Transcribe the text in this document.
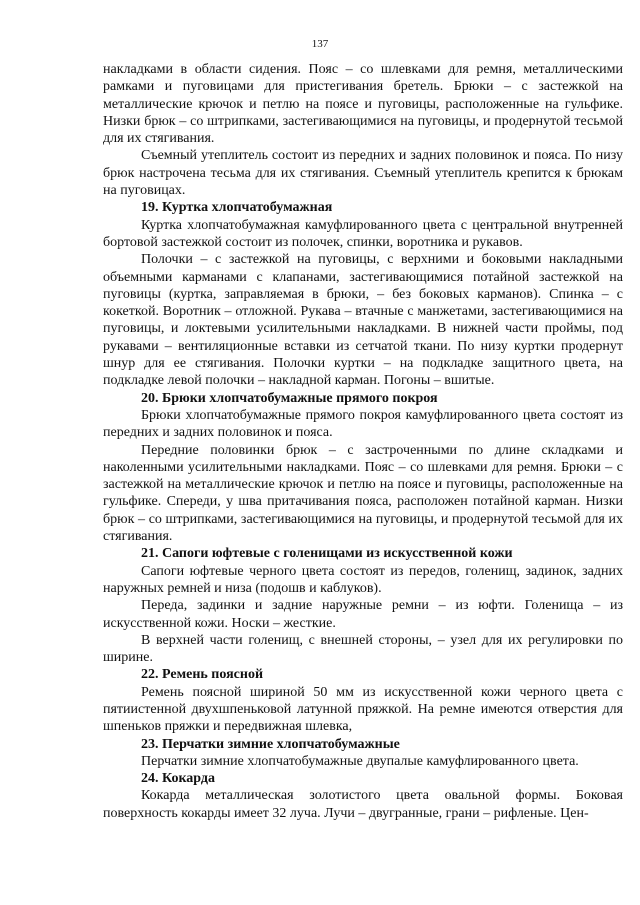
137

накладками в области сидения. Пояс – со шлевками для ремня, металлическими рамками и пуговицами для пристегивания бретель. Брюки – с застежкой на металлические крючок и петлю на поясе и пуговицы, расположенные на гульфике. Низки брюк – со штрипками, застегивающимися на пуговицы, и продернутой тесьмой для их стягивания.

Съемный утеплитель состоит из передних и задних половинок и пояса. По низу брюк настрочена тесьма для их стягивания. Съемный утеплитель крепится к брюкам на пуговицах.

19. Куртка хлопчатобумажная

Куртка хлопчатобумажная камуфлированного цвета с центральной внутренней бортовой застежкой состоит из полочек, спинки, воротника и рукавов.

Полочки – с застежкой на пуговицы, с верхними и боковыми накладными объемными карманами с клапанами, застегивающимися потайной застежкой на пуговицы (куртка, заправляемая в брюки, – без боковых карманов). Спинка – с кокеткой. Воротник – отложной. Рукава – втачные с манжетами, застегивающимися на пуговицы, и локтевыми усилительными накладками. В нижней части проймы, под рукавами – вентиляционные вставки из сетчатой ткани. По низу куртки продернут шнур для ее стягивания. Полочки куртки – на подкладке защитного цвета, на подкладке левой полочки – накладной карман. Погоны – вшитые.

20. Брюки хлопчатобумажные прямого покроя

Брюки хлопчатобумажные прямого покроя камуфлированного цвета состоят из передних и задних половинок и пояса.

Передние половинки брюк – с застроченными по длине складками и наколенными усилительными накладками. Пояс – со шлевками для ремня. Брюки – с застежкой на металлические крючок и петлю на поясе и пуговицы, расположенные на гульфике. Спереди, у шва притачивания пояса, расположен потайной карман. Низки брюк – со штрипками, застегивающимися на пуговицы, и продернутой тесьмой для их стягивания.

21. Сапоги юфтевые с голенищами из искусственной кожи

Сапоги юфтевые черного цвета состоят из передов, голенищ, задинок, задних наружных ремней и низа (подошв и каблуков).

Переда, задинки и задние наружные ремни – из юфти. Голенища – из искусственной кожи. Носки – жесткие.

В верхней части голенищ, с внешней стороны, – узел для их регулировки по ширине.

22. Ремень поясной

Ремень поясной шириной 50 мм из искусственной кожи черного цвета с пятиистенной двухшпеньковой латунной пряжкой. На ремне имеются отверстия для шпеньков пряжки и передвижная шлевка,

23. Перчатки зимние хлопчатобумажные

Перчатки зимние хлопчатобумажные двупалые камуфлированного цвета.

24. Кокарда

Кокарда металлическая золотистого цвета овальной формы. Боковая поверхность кокарды имеет 32 луча. Лучи – двугранные, грани – рифленые. Цен-
